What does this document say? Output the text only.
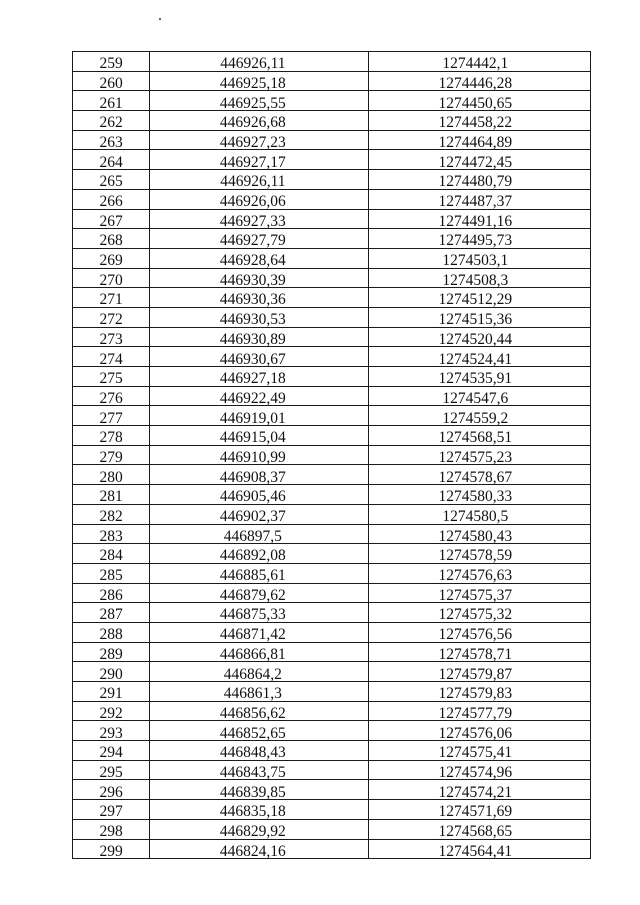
259	446926,11	1274442,1
260	446925,18	1274446,28
261	446925,55	1274450,65
262	446926,68	1274458,22
263	446927,23	1274464,89
264	446927,17	1274472,45
265	446926,11	1274480,79
266	446926,06	1274487,37
267	446927,33	1274491,16
268	446927,79	1274495,73
269	446928,64	1274503,1
270	446930,39	1274508,3
271	446930,36	1274512,29
272	446930,53	1274515,36
273	446930,89	1274520,44
274	446930,67	1274524,41
275	446927,18	1274535,91
276	446922,49	1274547,6
277	446919,01	1274559,2
278	446915,04	1274568,51
279	446910,99	1274575,23
280	446908,37	1274578,67
281	446905,46	1274580,33
282	446902,37	1274580,5
283	446897,5	1274580,43
284	446892,08	1274578,59
285	446885,61	1274576,63
286	446879,62	1274575,37
287	446875,33	1274575,32
288	446871,42	1274576,56
289	446866,81	1274578,71
290	446864,2	1274579,87
291	446861,3	1274579,83
292	446856,62	1274577,79
293	446852,65	1274576,06
294	446848,43	1274575,41
295	446843,75	1274574,96
296	446839,85	1274574,21
297	446835,18	1274571,69
298	446829,92	1274568,65
299	446824,16	1274564,41
